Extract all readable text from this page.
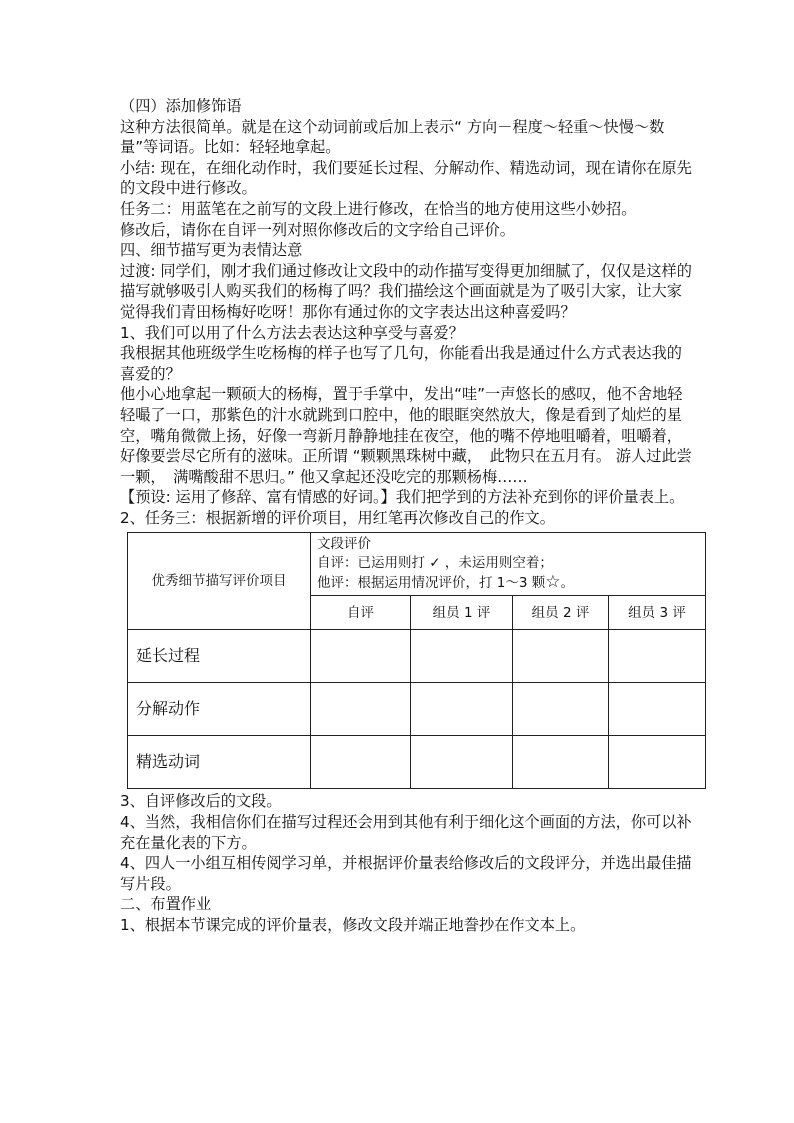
（四）添加修饰语

这种方法很简单。就是在这个动词前或后加上表示“ 方向－程度～轻重～快慢～数量”等词语。比如：轻轻地拿起。

小结: 现在，在细化动作时，我们要延长过程、分解动作、精选动词，现在请你在原先的文段中进行修改。

任务二：用蓝笔在之前写的文段上进行修改，在恰当的地方使用这些小妙招。

修改后，请你在自评一列对照你修改后的文字给自己评价。

四、细节描写更为表情达意

过渡: 同学们，刚才我们通过修改让文段中的动作描写变得更加细腻了，仅仅是这样的描写就够吸引人购买我们的杨梅了吗？我们描绘这个画面就是为了吸引大家，让大家觉得我们青田杨梅好吃呀！那你有通过你的文字表达出这种喜爱吗？

1、我们可以用了什么方法去表达这种享受与喜爱？

我根据其他班级学生吃杨梅的样子也写了几句，你能看出我是通过什么方式表达我的喜爱的？

他小心地拿起一颗硕大的杨梅，置于手掌中，发出“哇”一声悠长的感叹，他不舍地轻轻嘬了一口，那紫色的汁水就跳到口腔中，他的眼眶突然放大，像是看到了灿烂的星空，嘴角微微上扬，好像一弯新月静静地挂在夜空，他的嘴不停地咀嚼着，咀嚼着，好像要尝尽它所有的滋味。正所谓 “颗颗黑珠树中藏，　此物只在五月有。 游人过此尝一颗，　满嘴酸甜不思归。” 他又拿起还没吃完的那颗杨梅……

【预设: 运用了修辞、富有情感的好词。】我们把学到的方法补充到你的评价量表上。

2、任务三：根据新增的评价项目，用红笔再次修改自己的作文。

优秀细节描写评价项目	文段评价
自评：已运用则打 ✓ ，未运用则空着；
他评：根据运用情况评价，打 1～3 颗☆。			

	自评	组员 1 评	组员 2 评	组员 3 评
延长过程				
分解动作				
精选动词				

3、自评修改后的文段。

4、当然，我相信你们在描写过程还会用到其他有利于细化这个画面的方法，你可以补充在量化表的下方。

4、四人一小组互相传阅学习单，并根据评价量表给修改后的文段评分，并选出最佳描写片段。

二、布置作业

1、根据本节课完成的评价量表，修改文段并端正地誊抄在作文本上。
